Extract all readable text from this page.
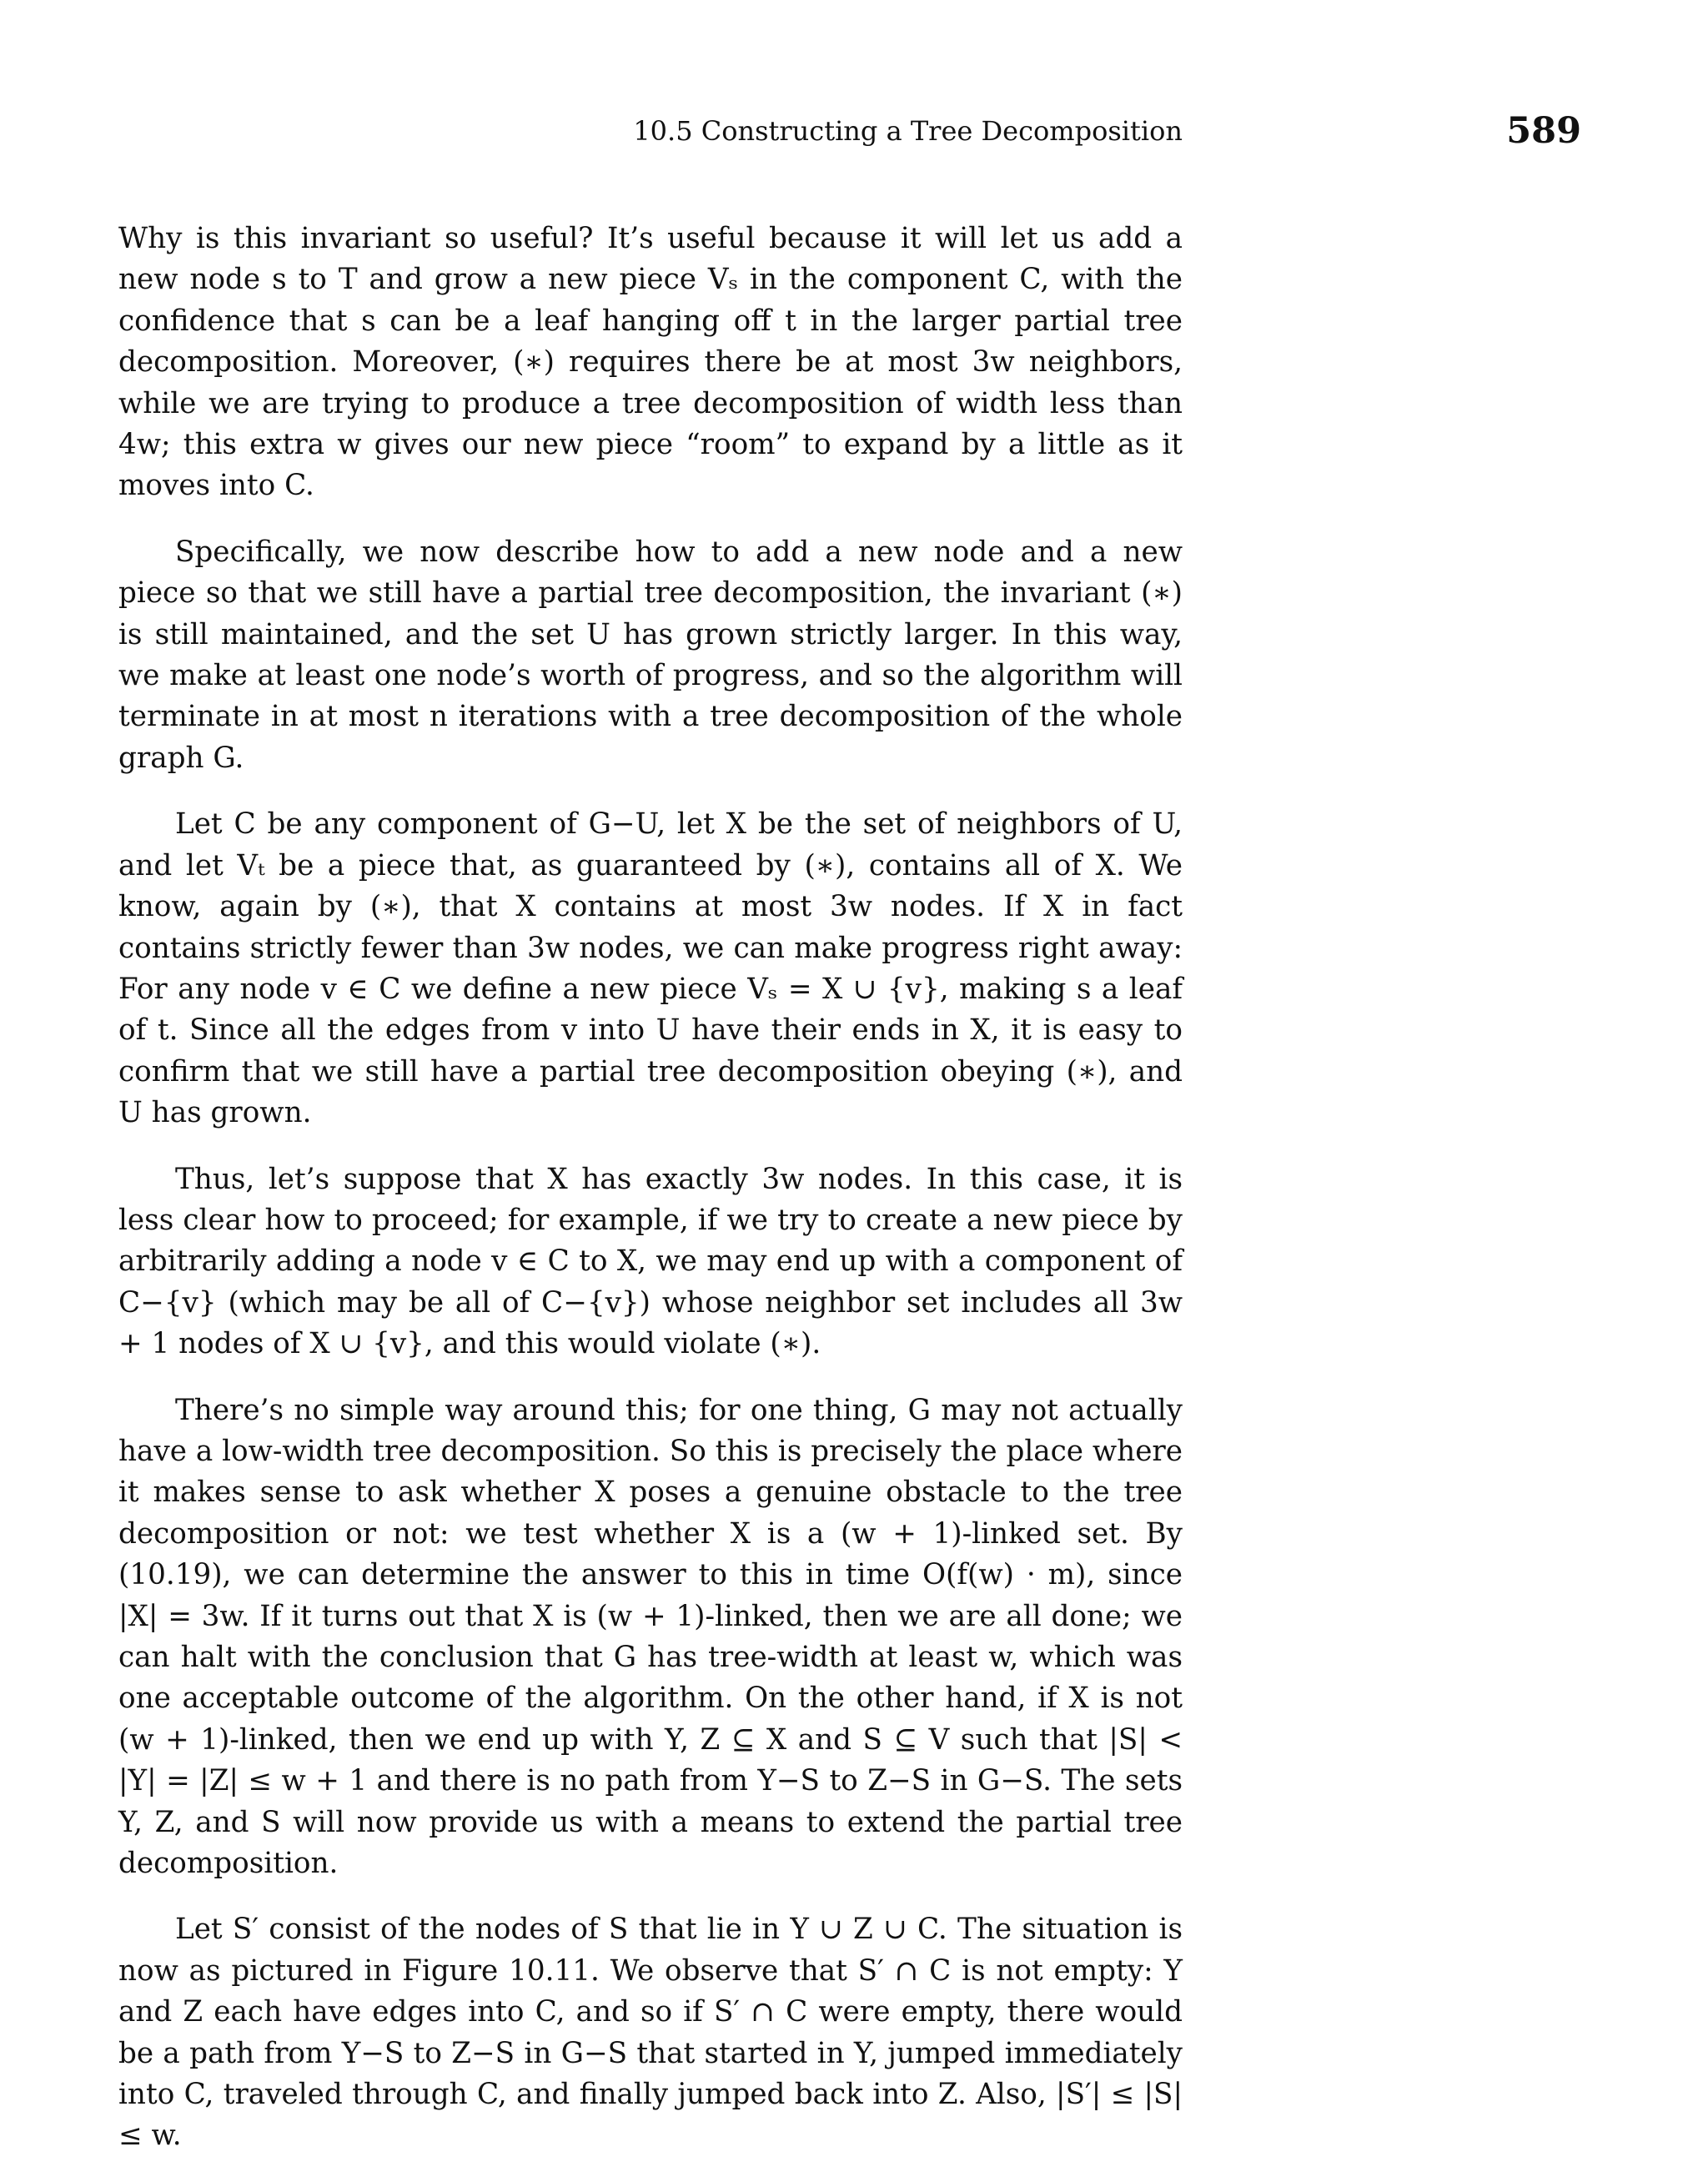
10.5 Constructing a Tree Decomposition	589

Why is this invariant so useful? It’s useful because it will let us add a new node s to T and grow a new piece Vₛ in the component C, with the confidence that s can be a leaf hanging off t in the larger partial tree decomposition. Moreover, (∗) requires there be at most 3w neighbors, while we are trying to produce a tree decomposition of width less than 4w; this extra w gives our new piece “room” to expand by a little as it moves into C.

Specifically, we now describe how to add a new node and a new piece so that we still have a partial tree decomposition, the invariant (∗) is still maintained, and the set U has grown strictly larger. In this way, we make at least one node’s worth of progress, and so the algorithm will terminate in at most n iterations with a tree decomposition of the whole graph G.

Let C be any component of G−U, let X be the set of neighbors of U, and let Vₜ be a piece that, as guaranteed by (∗), contains all of X. We know, again by (∗), that X contains at most 3w nodes. If X in fact contains strictly fewer than 3w nodes, we can make progress right away: For any node v ∈ C we define a new piece Vₛ = X ∪ {v}, making s a leaf of t. Since all the edges from v into U have their ends in X, it is easy to confirm that we still have a partial tree decomposition obeying (∗), and U has grown.

Thus, let’s suppose that X has exactly 3w nodes. In this case, it is less clear how to proceed; for example, if we try to create a new piece by arbitrarily adding a node v ∈ C to X, we may end up with a component of C−{v} (which may be all of C−{v}) whose neighbor set includes all 3w + 1 nodes of X ∪ {v}, and this would violate (∗).

There’s no simple way around this; for one thing, G may not actually have a low-width tree decomposition. So this is precisely the place where it makes sense to ask whether X poses a genuine obstacle to the tree decomposition or not: we test whether X is a (w + 1)-linked set. By (10.19), we can determine the answer to this in time O(f(w) · m), since |X| = 3w. If it turns out that X is (w + 1)-linked, then we are all done; we can halt with the conclusion that G has tree-width at least w, which was one acceptable outcome of the algorithm. On the other hand, if X is not (w + 1)-linked, then we end up with Y, Z ⊆ X and S ⊆ V such that |S| < |Y| = |Z| ≤ w + 1 and there is no path from Y−S to Z−S in G−S. The sets Y, Z, and S will now provide us with a means to extend the partial tree decomposition.

Let S′ consist of the nodes of S that lie in Y ∪ Z ∪ C. The situation is now as pictured in Figure 10.11. We observe that S′ ∩ C is not empty: Y and Z each have edges into C, and so if S′ ∩ C were empty, there would be a path from Y−S to Z−S in G−S that started in Y, jumped immediately into C, traveled through C, and finally jumped back into Z. Also, |S′| ≤ |S| ≤ w.
